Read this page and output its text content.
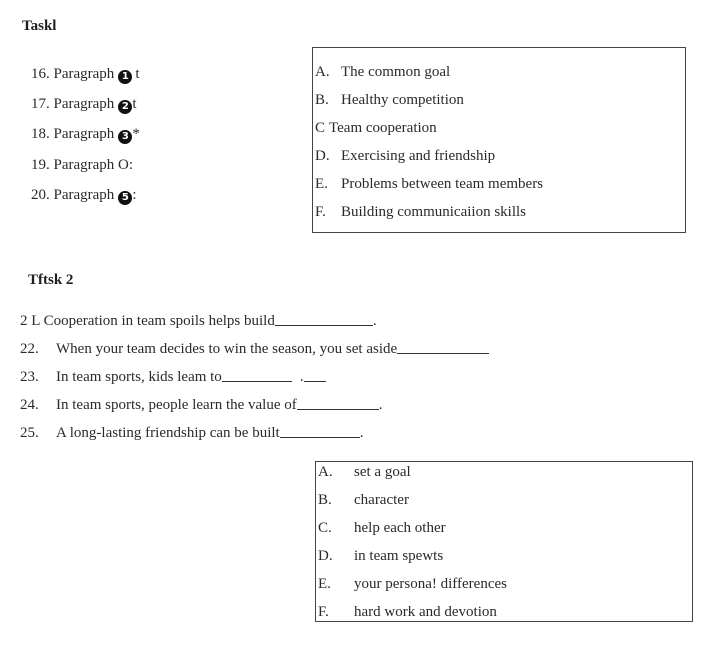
Taskl
16. Paragraph 1 t
17. Paragraph 2 t
18. Paragraph 3 *
19. Paragraph O:
20. Paragraph 5 :
A. The common goal
B. Healthy competition
C Team cooperation
D. Exercising and friendship
E. Problems between team members
F. Building communicaiion skills
Tftsk 2
2 L Cooperation in team spoils helps build	.
22. When your team decides to win the season, you set aside
23. In team sports, kids leam to	.
24. In team sports, people learn the value of	.
25. A long-lasting friendship can be built	.
A. set a goal
B. character
C. help each other
D. in team spewts
E. your persona! differences
F. hard work and devotion
